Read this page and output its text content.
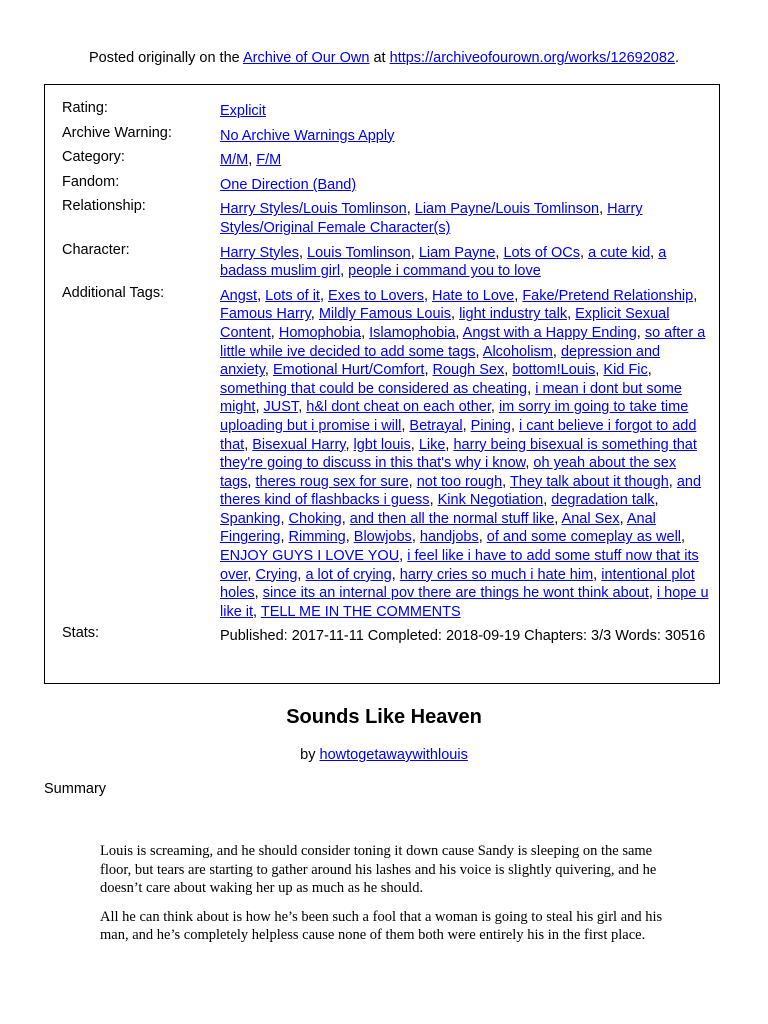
Posted originally on the Archive of Our Own at https://archiveofourown.org/works/12692082.
Rating:	Explicit
Archive Warning:	No Archive Warnings Apply
Category:	M/M, F/M
Fandom:	One Direction (Band)
Relationship:	Harry Styles/Louis Tomlinson, Liam Payne/Louis Tomlinson, Harry Styles/Original Female Character(s)
Character:	Harry Styles, Louis Tomlinson, Liam Payne, Lots of OCs, a cute kid, a badass muslim girl, people i command you to love
Additional Tags:	Angst, Lots of it, Exes to Lovers, Hate to Love, Fake/Pretend Relationship, Famous Harry, Mildly Famous Louis, light industry talk, Explicit Sexual Content, Homophobia, Islamophobia, Angst with a Happy Ending, so after a little while ive decided to add some tags, Alcoholism, depression and anxiety, Emotional Hurt/Comfort, Rough Sex, bottom!Louis, Kid Fic, something that could be considered as cheating, i mean i dont but some might, JUST, h&l dont cheat on each other, im sorry im going to take time uploading but i promise i will, Betrayal, Pining, i cant believe i forgot to add that, Bisexual Harry, lgbt louis, Like, harry being bisexual is something that they're going to discuss in this that's why i know, oh yeah about the sex tags, theres roug sex for sure, not too rough, They talk about it though, and theres kind of flashbacks i guess, Kink Negotiation, degradation talk, Spanking, Choking, and then all the normal stuff like, Anal Sex, Anal Fingering, Rimming, Blowjobs, handjobs, of and some comeplay as well, ENJOY GUYS I LOVE YOU, i feel like i have to add some stuff now that its over, Crying, a lot of crying, harry cries so much i hate him, intentional plot holes, since its an internal pov there are things he wont think about, i hope u like it, TELL ME IN THE COMMENTS
Stats:	Published: 2017-11-11 Completed: 2018-09-19 Chapters: 3/3 Words: 30516
Sounds Like Heaven
by howtogetawaywithlouis
Summary

Louis is screaming, and he should consider toning it down cause Sandy is sleeping on the same floor, but tears are starting to gather around his lashes and his voice is slightly quivering, and he doesn’t care about waking her up as much as he should.

All he can think about is how he’s been such a fool that a woman is going to steal his girl and his man, and he’s completely helpless cause none of them both were entirely his in the first place.
